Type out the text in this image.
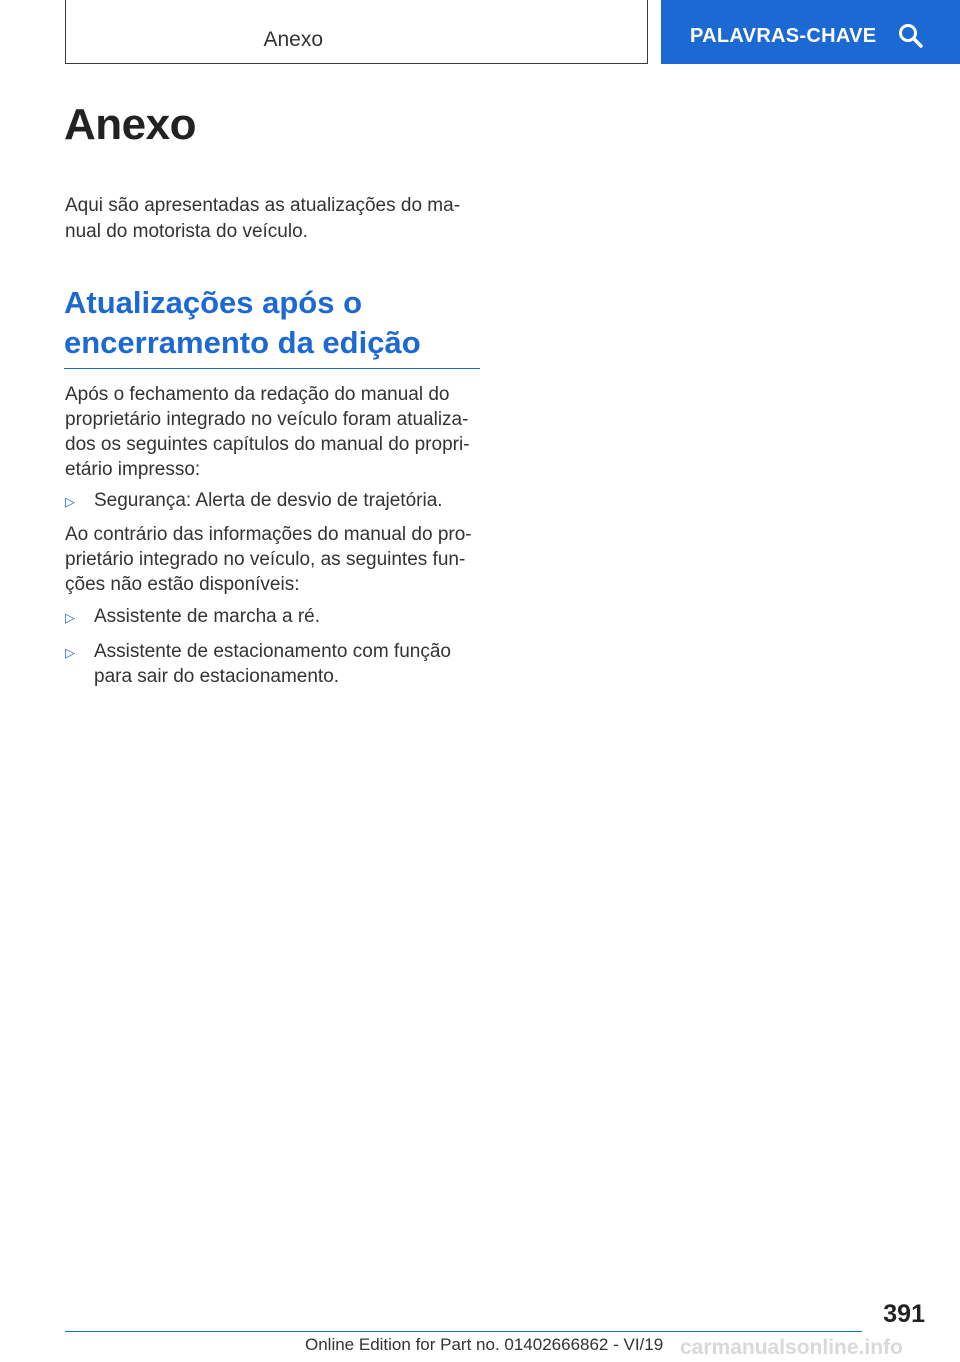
Anexo	PALAVRAS-CHAVE
Anexo

Aqui são apresentadas as atualizações do ma-nual do motorista do veículo.

Atualizações após o encerramento da edição

Após o fechamento da redação do manual do proprietário integrado no veículo foram atualiza-dos os seguintes capítulos do manual do propri-etário impresso:

▷	Segurança: Alerta de desvio de trajetória.

Ao contrário das informações do manual do pro-prietário integrado no veículo, as seguintes fun-ções não estão disponíveis:

▷	Assistente de marcha a ré.
▷	Assistente de estacionamento com função para sair do estacionamento.
391
Online Edition for Part no. 01402666862 - VI/19 carmanualsonline.info
